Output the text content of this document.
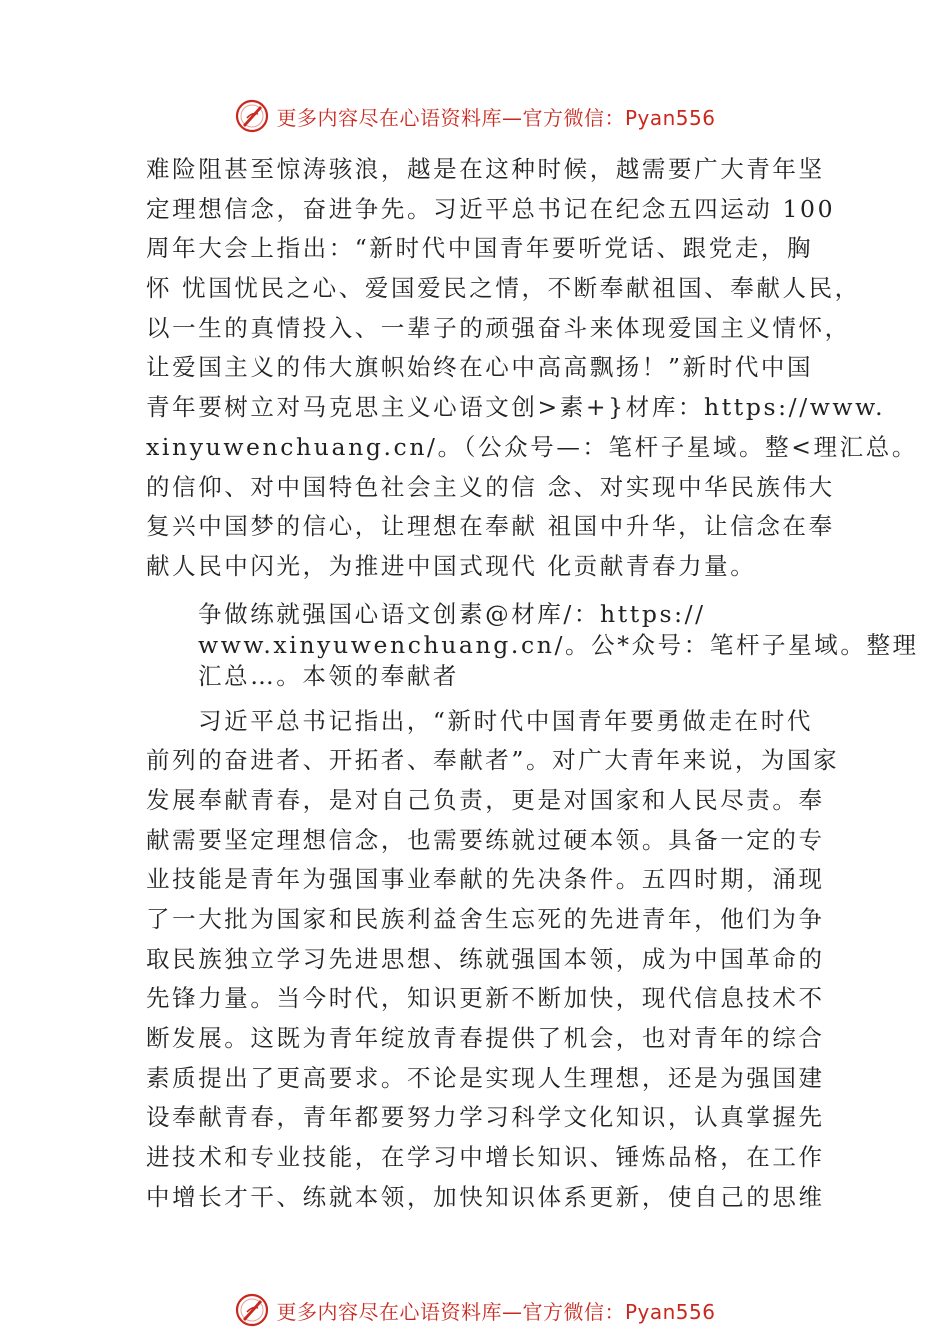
更多内容尽在心语资料库—官方微信：Pyan556
难险阻甚至惊涛骇浪，越是在这种时候，越需要广大青年坚
定理想信念，奋进争先。习近平总书记在纪念五四运动 100
周年大会上指出：“新时代中国青年要听党话、跟党走，胸
怀 忧国忧民之心、爱国爱民之情，不断奉献祖国、奉献人民，
以一生的真情投入、一辈子的顽强奋斗来体现爱国主义情怀，
让爱国主义的伟大旗帜始终在心中高高飘扬！”新时代中国
青年要树立对马克思主义心语文创>素+}材库：https://www.
xinyuwenchuang.cn/。（公众号—：笔杆子星域。整<理汇总。
的信仰、对中国特色社会主义的信 念、对实现中华民族伟大
复兴中国梦的信心，让理想在奉献 祖国中升华，让信念在奉
献人民中闪光，为推进中国式现代 化贡献青春力量。
争做练就强国心语文创素@材库/：https://
www.xinyuwenchuang.cn/。公*众号：笔杆子星域。整理
汇总…。本领的奉献者
习近平总书记指出，“新时代中国青年要勇做走在时代
前列的奋进者、开拓者、奉献者”。对广大青年来说，为国家
发展奉献青春，是对自己负责，更是对国家和人民尽责。奉
献需要坚定理想信念，也需要练就过硬本领。具备一定的专
业技能是青年为强国事业奉献的先决条件。五四时期，涌现
了一大批为国家和民族利益舍生忘死的先进青年，他们为争
取民族独立学习先进思想、练就强国本领，成为中国革命的
先锋力量。当今时代，知识更新不断加快，现代信息技术不
断发展。这既为青年绽放青春提供了机会，也对青年的综合
素质提出了更高要求。不论是实现人生理想，还是为强国建
设奉献青春，青年都要努力学习科学文化知识，认真掌握先
进技术和专业技能，在学习中增长知识、锤炼品格，在工作
中增长才干、练就本领，加快知识体系更新，使自己的思维
更多内容尽在心语资料库—官方微信：Pyan556
